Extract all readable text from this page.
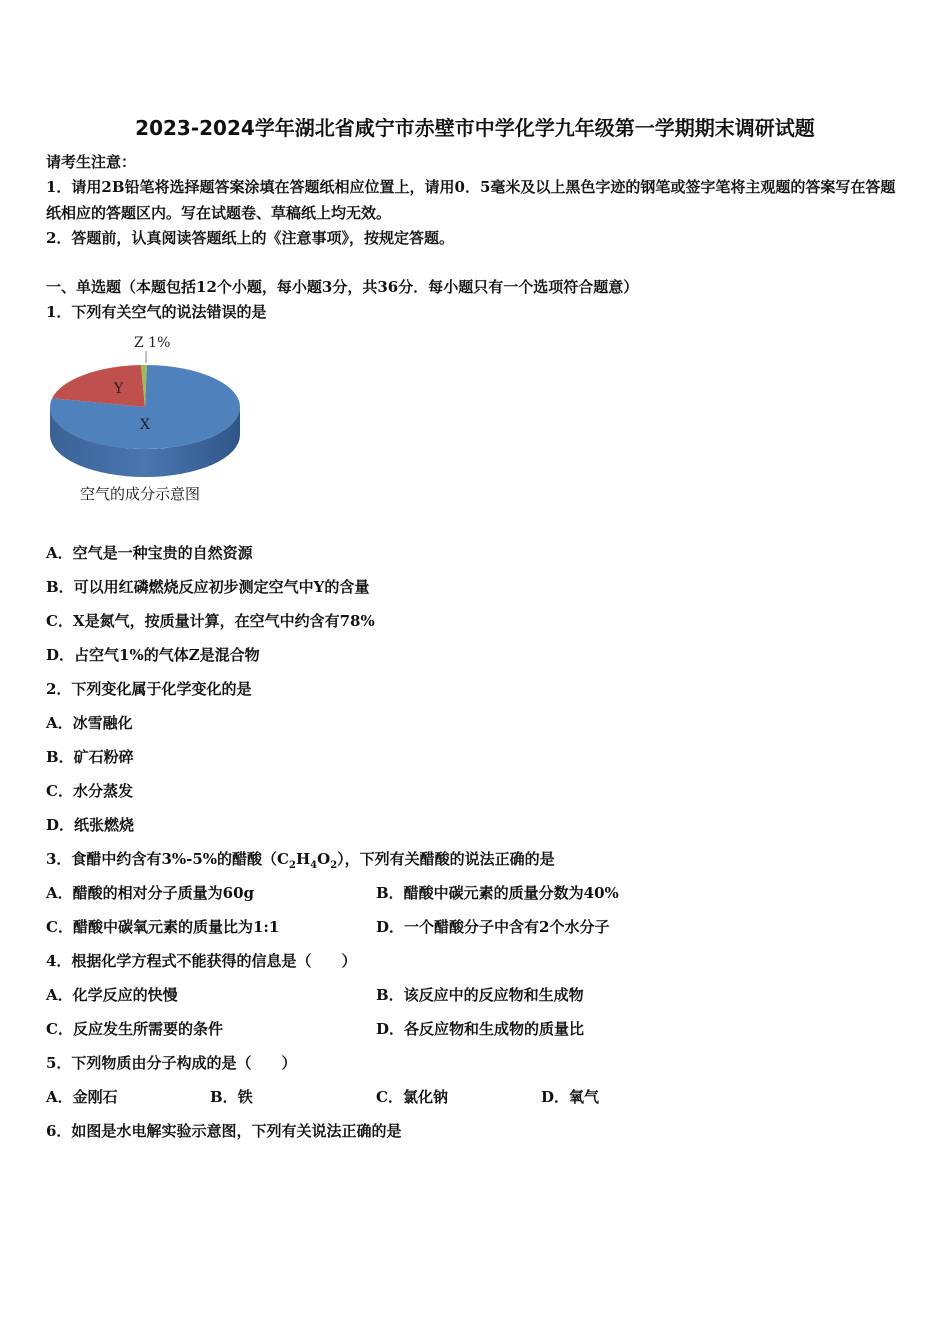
2023-2024学年湖北省咸宁市赤壁市中学化学九年级第一学期期末调研试题
请考生注意：
1．请用2B铅笔将选择题答案涂填在答题纸相应位置上，请用0．5毫米及以上黑色字迹的钢笔或签字笔将主观题的答案写在答题纸相应的答题区内。写在试题卷、草稿纸上均无效。
2．答题前，认真阅读答题纸上的《注意事项》，按规定答题。
一、单选题（本题包括12个小题，每小题3分，共36分．每小题只有一个选项符合题意）
1．下列有关空气的说法错误的是
Z 1%
Y
X
空气的成分示意图
A．空气是一种宝贵的自然资源
B．可以用红磷燃烧反应初步测定空气中Y的含量
C．X是氮气，按质量计算，在空气中约含有78%
D．占空气1%的气体Z是混合物
2．下列变化属于化学变化的是
A．冰雪融化
B．矿石粉碎
C．水分蒸发
D．纸张燃烧
3．食醋中约含有3%-5%的醋酸$(C_2H_4O_2)$，下列有关醋酸的说法正确的是
A．醋酸的相对分子质量为60g	B．醋酸中碳元素的质量分数为40%
C．醋酸中碳氧元素的质量比为1:1	D．一个醋酸分子中含有2个水分子
4．根据化学方程式不能获得的信息是（　　）
A．化学反应的快慢	B．该反应中的反应物和生成物
C．反应发生所需要的条件	D．各反应物和生成物的质量比
5．下列物质由分子构成的是（　　）
A．金刚石	B．铁	C．氯化钠	D．氧气
6．如图是水电解实验示意图，下列有关说法正确的是
